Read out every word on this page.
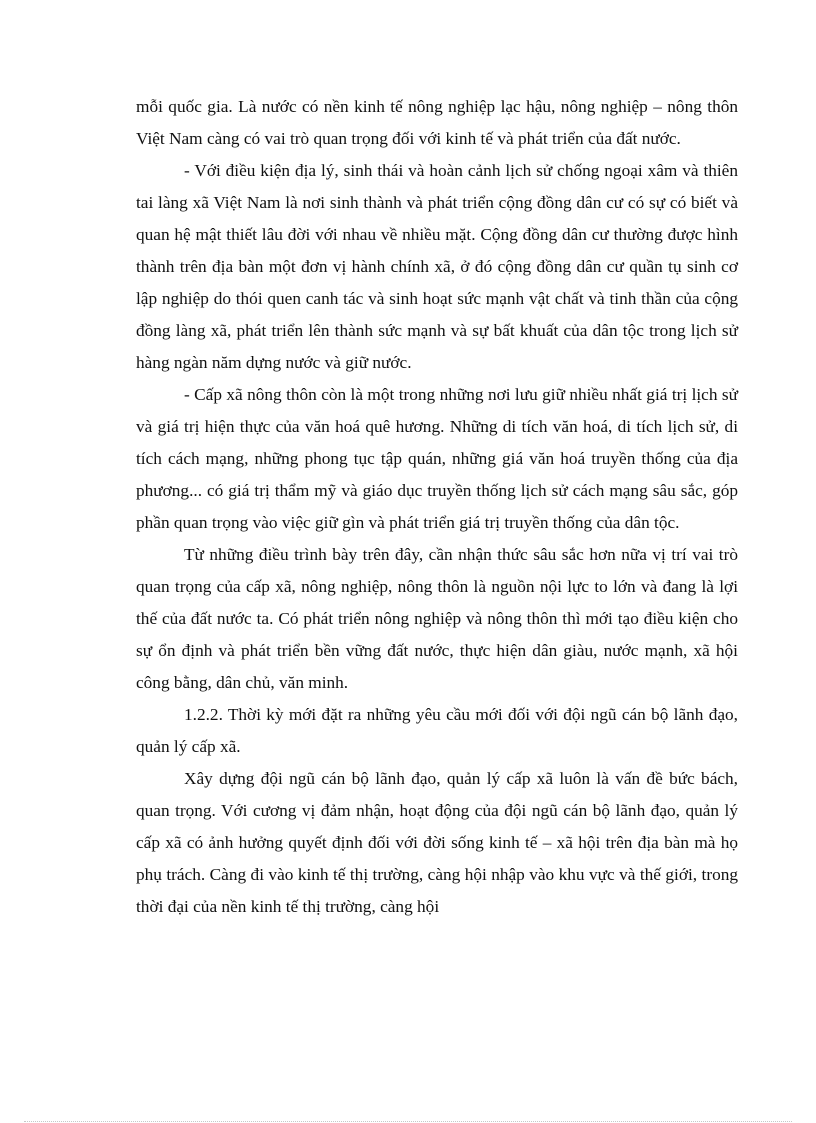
mỗi quốc gia. Là nước có nền kinh tế nông nghiệp lạc hậu, nông nghiệp – nông thôn Việt Nam càng có vai trò quan trọng đối với kinh tế và phát triển của đất nước.

- Với điều kiện địa lý, sinh thái và hoàn cảnh lịch sử chống ngoại xâm và thiên tai làng xã Việt Nam là nơi sinh thành và phát triển cộng đồng dân cư có sự có biết và quan hệ mật thiết lâu đời với nhau về nhiều mặt. Cộng đồng dân cư thường được hình thành trên địa bàn một đơn vị hành chính xã, ở đó cộng đồng dân cư quần tụ sinh cơ lập nghiệp do thói quen canh tác và sinh hoạt sức mạnh vật chất và tinh thần của cộng đồng làng xã, phát triển lên thành sức mạnh và sự bất khuất của dân tộc trong lịch sử hàng ngàn năm dựng nước và giữ nước.

- Cấp xã nông thôn còn là một trong những nơi lưu giữ nhiều nhất giá trị lịch sử và giá trị hiện thực của văn hoá quê hương. Những di tích văn hoá, di tích lịch sử, di tích cách mạng, những phong tục tập quán, những giá văn hoá truyền thống của địa phương... có giá trị thẩm mỹ và giáo dục truyền thống lịch sử cách mạng sâu sắc, góp phần quan trọng vào việc giữ gìn và phát triển giá trị truyền thống của dân tộc.

Từ những điều trình bày trên đây, cần nhận thức sâu sắc hơn nữa vị trí vai trò quan trọng của cấp xã, nông nghiệp, nông thôn là nguồn nội lực to lớn và đang là lợi thế của đất nước ta. Có phát triển nông nghiệp và nông thôn thì mới tạo điều kiện cho sự ổn định và phát triển bền vững đất nước, thực hiện dân giàu, nước mạnh, xã hội công bằng, dân chủ, văn minh.

1.2.2. Thời kỳ mới đặt ra những yêu cầu mới đối với đội ngũ cán bộ lãnh đạo, quản lý cấp xã.

Xây dựng đội ngũ cán bộ lãnh đạo, quản lý cấp xã luôn là vấn đề bức bách, quan trọng. Với cương vị đảm nhận, hoạt động của đội ngũ cán bộ lãnh đạo, quản lý cấp xã có ảnh hưởng quyết định đối với đời sống kinh tế – xã hội trên địa bàn mà họ phụ trách. Càng đi vào kinh tế thị trường, càng hội nhập vào khu vực và thế giới, trong thời đại của nền kinh tế thị trường, càng hội
